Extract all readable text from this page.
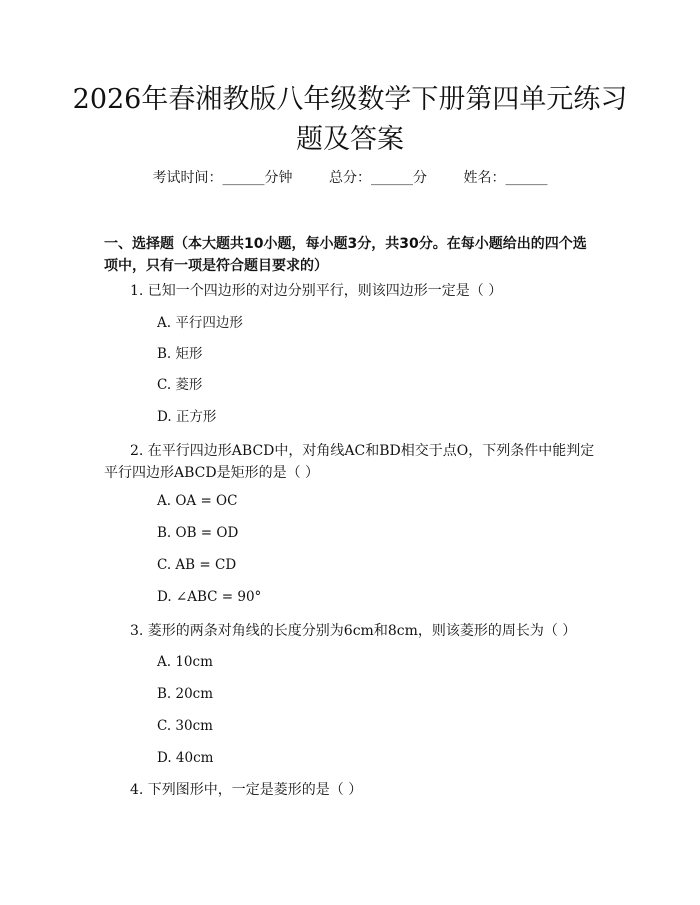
2026年春湘教版八年级数学下册第四单元练习题及答案
考试时间：______分钟	总分：______分	姓名：______
一、选择题（本大题共10小题，每小题3分，共30分。在每小题给出的四个选项中，只有一项是符合题目要求的）
1. 已知一个四边形的对边分别平行，则该四边形一定是（ ）
A. 平行四边形
B. 矩形
C. 菱形
D. 正方形
2. 在平行四边形ABCD中，对角线AC和BD相交于点O，下列条件中能判定平行四边形ABCD是矩形的是（ ）
A. OA = OC
B. OB = OD
C. AB = CD
D. ∠ABC = 90°
3. 菱形的两条对角线的长度分别为6cm和8cm，则该菱形的周长为（ ）
A. 10cm
B. 20cm
C. 30cm
D. 40cm
4. 下列图形中，一定是菱形的是（ ）
